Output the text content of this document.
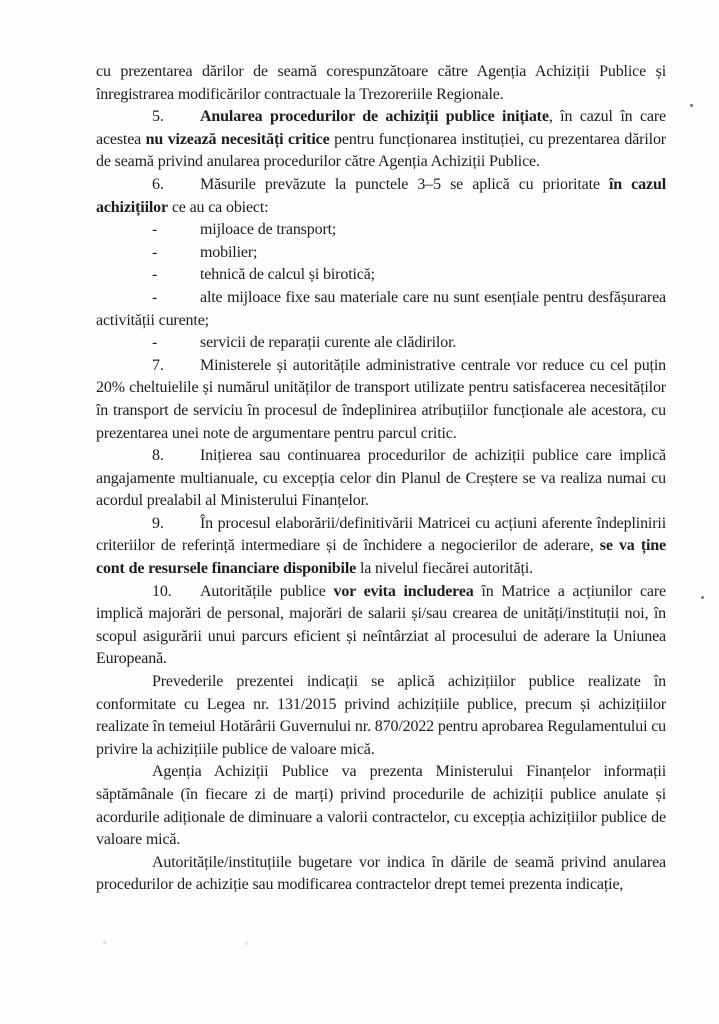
cu prezentarea dărilor de seamă corespunzătoare către Agenția Achiziții Publice și înregistrarea modificărilor contractuale la Trezoreriile Regionale.

5. Anularea procedurilor de achiziții publice inițiate, în cazul în care acestea nu vizează necesități critice pentru funcționarea instituției, cu prezentarea dărilor de seamă privind anularea procedurilor către Agenția Achiziții Publice.

6. Măsurile prevăzute la punctele 3–5 se aplică cu prioritate în cazul achizițiilor ce au ca obiect:

-	mijloace de transport;

-	mobilier;

-	tehnică de calcul și birotică;

-	alte mijloace fixe sau materiale care nu sunt esențiale pentru desfășurarea activității curente;

-	servicii de reparații curente ale clădirilor.

7. Ministerele și autoritățile administrative centrale vor reduce cu cel puțin 20% cheltuielile și numărul unităților de transport utilizate pentru satisfacerea necesităților în transport de serviciu în procesul de îndeplinirea atribuțiilor funcționale ale acestora, cu prezentarea unei note de argumentare pentru parcul critic.

8. Inițierea sau continuarea procedurilor de achiziții publice care implică angajamente multianuale, cu excepția celor din Planul de Creștere se va realiza numai cu acordul prealabil al Ministerului Finanțelor.

9. În procesul elaborării/definitivării Matricei cu acțiuni aferente îndeplinirii criteriilor de referință intermediare și de închidere a negocierilor de aderare, se va ține cont de resursele financiare disponibile la nivelul fiecărei autorități.

10. Autoritățile publice vor evita includerea în Matrice a acțiunilor care implică majorări de personal, majorări de salarii și/sau crearea de unități/instituții noi, în scopul asigurării unui parcurs eficient și neîntârziat al procesului de aderare la Uniunea Europeană.

Prevederile prezentei indicații se aplică achizițiilor publice realizate în conformitate cu Legea nr. 131/2015 privind achizițiile publice, precum și achizițiilor realizate în temeiul Hotărârii Guvernului nr. 870/2022 pentru aprobarea Regulamentului cu privire la achizițiile publice de valoare mică.

Agenția Achiziții Publice va prezenta Ministerului Finanțelor informații săptămânale (în fiecare zi de marți) privind procedurile de achiziții publice anulate și acordurile adiționale de diminuare a valorii contractelor, cu excepția achizițiilor publice de valoare mică.

Autoritățile/instituțiile bugetare vor indica în dările de seamă privind anularea procedurilor de achiziție sau modificarea contractelor drept temei prezenta indicație,
